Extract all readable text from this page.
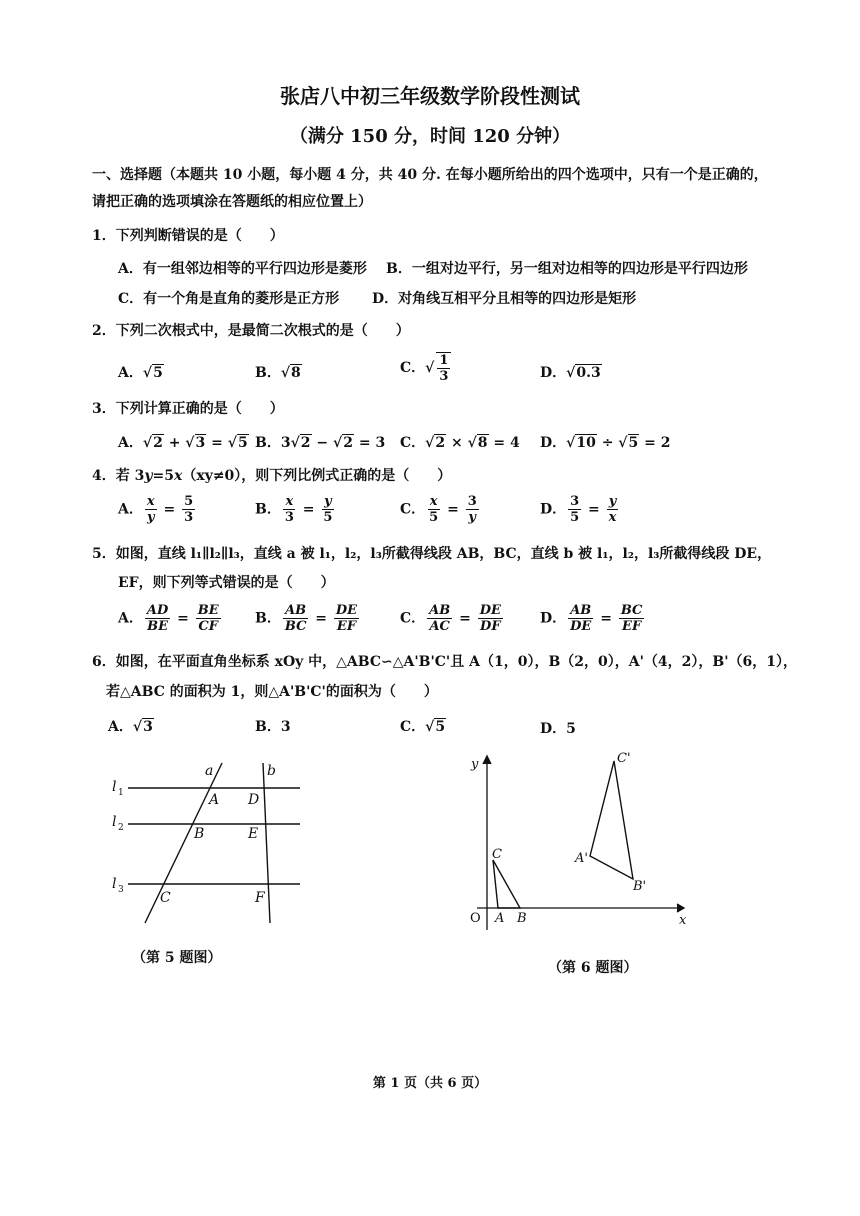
张店八中初三年级数学阶段性测试
（满分 150 分，时间 120 分钟）
一、选择题（本题共 10 小题，每小题 4 分，共 40 分. 在每小题所给出的四个选项中，只有一个是正确的，
请把正确的选项填涂在答题纸的相应位置上）
1．下列判断错误的是（　　）
A．有一组邻边相等的平行四边形是菱形 B．一组对边平行，另一组对边相等的四边形是平行四边形
C．有一个角是直角的菱形是正方形 D．对角线互相平分且相等的四边形是矩形
2．下列二次根式中，是最简二次根式的是（　　）
A．√5	B．√8	C．√ $\frac{1}{3}$	D．√0.3
3．下列计算正确的是（　　）
A．√2 + √3 = √5 B．3√2 − √2 = 3 C．√2 × √8 = 4 D．√10 ÷ √5 = 2
4．若 3y=5x（xy≠0），则下列比例式正确的是（　　）
A． $\frac{x}{y} = \frac{5}{3}$	B． $\frac{x}{3} = \frac{y}{5}$	C． $\frac{x}{5} = \frac{3}{y}$	D． $\frac{3}{5} = \frac{y}{x}$
5．如图，直线 l₁∥l₂∥l₃，直线 a 被 l₁，l₂，l₃所截得线段 AB，BC，直线 b 被 l₁，l₂，l₃所截得线段 DE，
EF，则下列等式错误的是（　　）
A． $\frac{AD}{BE} = \frac{BE}{CF}$ B． $\frac{AB}{BC} = \frac{DE}{EF}$	C． $\frac{AB}{AC} = \frac{DE}{DF}$	D． $\frac{AB}{DE} = \frac{BC}{EF}$
6．如图，在平面直角坐标系 xOy 中，△ABC∽△A'B'C'且 A（1，0），B（2，0），A'（4，2），B'（6，1），
若△ABC 的面积为 1，则△A'B'C'的面积为（　　）
A．√3	B．3	C．√5	D．5
a	b
l 1
l 2
l 3
A
B
C
D
E
F
（第 5 题图）
y
x
O A B
C	A'
B'
C'
（第 6 题图）
第 1 页（共 6 页）
